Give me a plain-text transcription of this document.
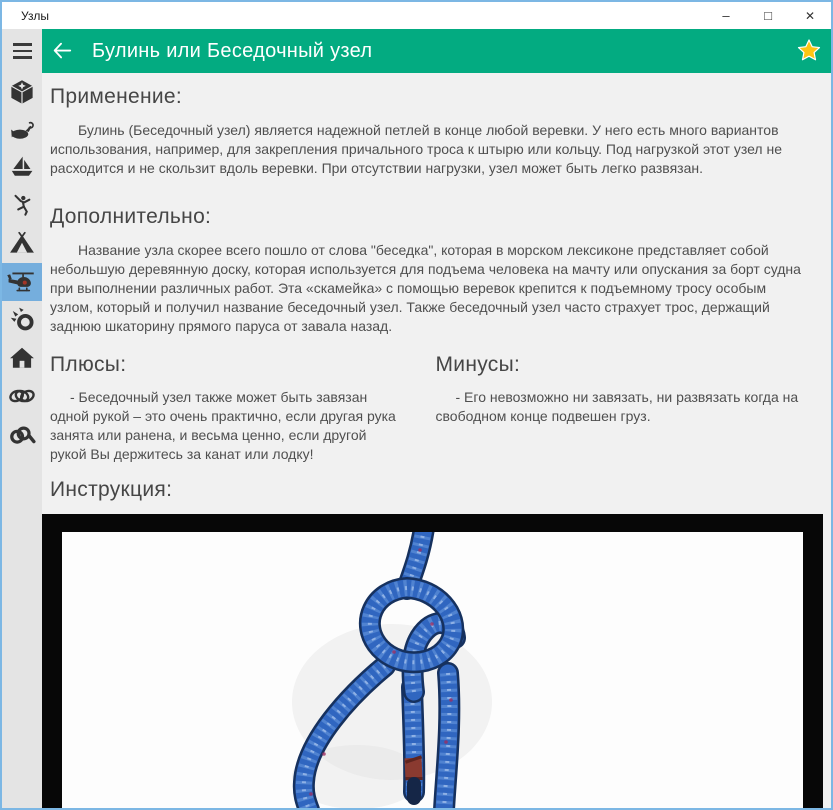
Узлы	–	□	✕
Булинь или Беседочный узел
Применение:

Булинь (Беседочный узел) является надежной петлей в конце любой веревки. У него есть много вариантов использования, например, для закрепления причального троса к штырю или кольцу. Под нагрузкой этот узел не расходится и не скользит вдоль веревки. При отсутствии нагрузки, узел может быть легко развязан.

Дополнительно:

Название узла скорее всего пошло от слова "беседка", которая в морском лексиконе представляет собой небольшую деревянную доску, которая используется для подъема человека на мачту или опускания за борт судна при выполнении различных работ. Эта «скамейка» с помощью веревок крепится к подъемному тросу особым узлом, который и получил название беседочный узел. Также беседочный узел часто страхует трос, держащий заднюю шкаторину прямого паруса от завала назад.

Плюсы:

- Беседочный узел также может быть завязан одной рукой – это очень практично, если другая рука занята или ранена, и весьма ценно, если другой рукой Вы держитесь за канат или лодку!

Минусы:

- Его невозможно ни завязать, ни развязать когда на свободном конце подвешен груз.

Инструкция:
